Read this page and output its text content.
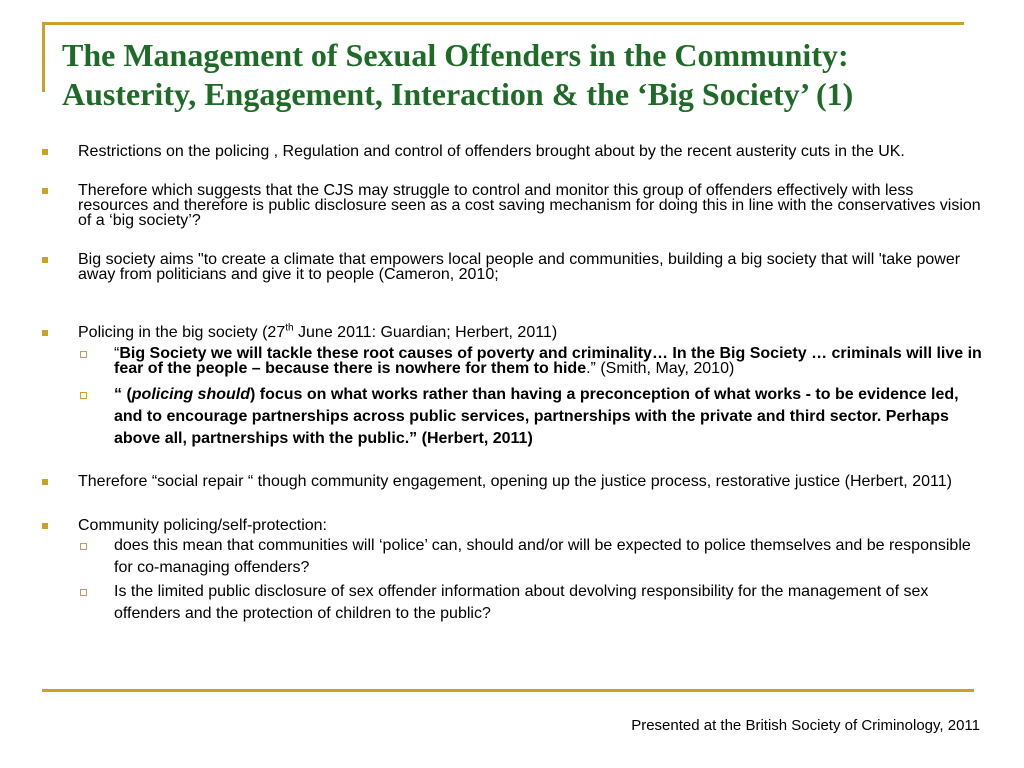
The Management of Sexual Offenders in the Community:
Austerity, Engagement, Interaction & the ‘Big Society’ (1)
Restrictions on the policing , Regulation and control of offenders brought about by the recent austerity cuts in the UK.
Therefore which suggests that the CJS may struggle to control and monitor this group of offenders effectively with less resources and therefore is public disclosure seen as a cost saving mechanism for doing this in line with the conservatives vision of a ‘big society’?
Big society aims "to create a climate that empowers local people and communities, building a big society that will 'take power away from politicians and give it to people (Cameron, 2010;
Policing in the big society (27th June 2011: Guardian; Herbert, 2011)
“Big Society we will tackle these root causes of poverty and criminality… In the Big Society … criminals will live in fear of the people – because there is nowhere for them to hide.” (Smith, May, 2010)
“ (policing should) focus on what works rather than having a preconception of what works - to be evidence led, and to encourage partnerships across public services, partnerships with the private and third sector. Perhaps above all, partnerships with the public.” (Herbert, 2011)
Therefore “social repair “ though community engagement, opening up the justice process, restorative justice (Herbert, 2011)
Community policing/self-protection:
does this mean that communities will ‘police’ can, should and/or will be expected to police themselves and be responsible for co-managing offenders?
Is the limited public disclosure of sex offender information about devolving responsibility for the management of sex offenders and the protection of children to the public?
Presented at the British Society of Criminology, 2011
